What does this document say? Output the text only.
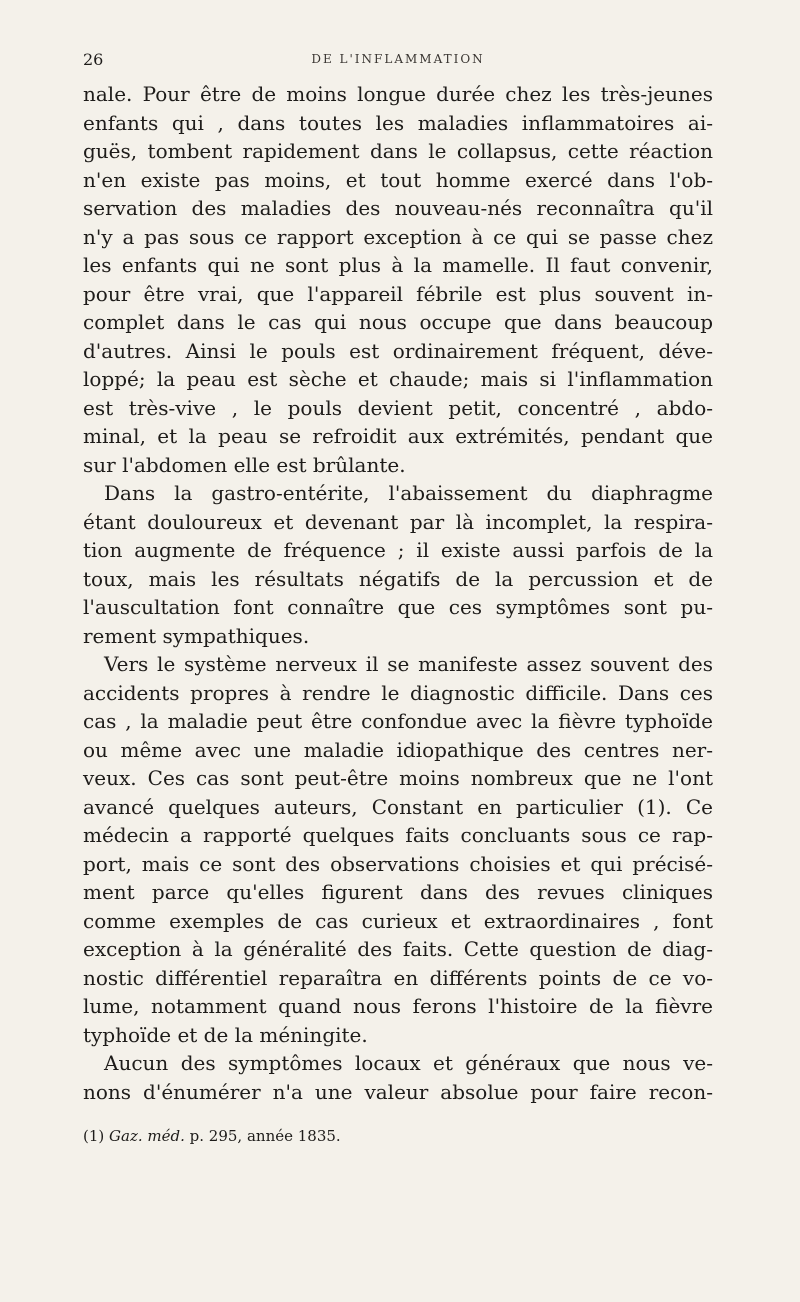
26	DE L'INFLAMMATION
nale. Pour être de moins longue durée chez les très-jeunes
enfants qui , dans toutes les maladies inflammatoires ai-
guës, tombent rapidement dans le collapsus, cette réaction
n'en existe pas moins, et tout homme exercé dans l'ob-
servation des maladies des nouveau-nés reconnaîtra qu'il
n'y a pas sous ce rapport exception à ce qui se passe chez
les enfants qui ne sont plus à la mamelle. Il faut convenir,
pour être vrai, que l'appareil fébrile est plus souvent in-
complet dans le cas qui nous occupe que dans beaucoup
d'autres. Ainsi le pouls est ordinairement fréquent, déve-
loppé; la peau est sèche et chaude; mais si l'inflammation
est très-vive , le pouls devient petit, concentré , abdo-
minal, et la peau se refroidit aux extrémités, pendant que
sur l'abdomen elle est brûlante.
Dans la gastro-entérite, l'abaissement du diaphragme
étant douloureux et devenant par là incomplet, la respira-
tion augmente de fréquence ; il existe aussi parfois de la
toux, mais les résultats négatifs de la percussion et de
l'auscultation font connaître que ces symptômes sont pu-
rement sympathiques.
Vers le système nerveux il se manifeste assez souvent des
accidents propres à rendre le diagnostic difficile. Dans ces
cas , la maladie peut être confondue avec la fièvre typhoïde
ou même avec une maladie idiopathique des centres ner-
veux. Ces cas sont peut-être moins nombreux que ne l'ont
avancé quelques auteurs, Constant en particulier (1). Ce
médecin a rapporté quelques faits concluants sous ce rap-
port, mais ce sont des observations choisies et qui précisé-
ment parce qu'elles figurent dans des revues cliniques
comme exemples de cas curieux et extraordinaires , font
exception à la généralité des faits. Cette question de diag-
nostic différentiel reparaîtra en différents points de ce vo-
lume, notamment quand nous ferons l'histoire de la fièvre
typhoïde et de la méningite.
Aucun des symptômes locaux et généraux que nous ve-
nons d'énumérer n'a une valeur absolue pour faire recon-
(1) Gaz. méd. p. 295, année 1835.
